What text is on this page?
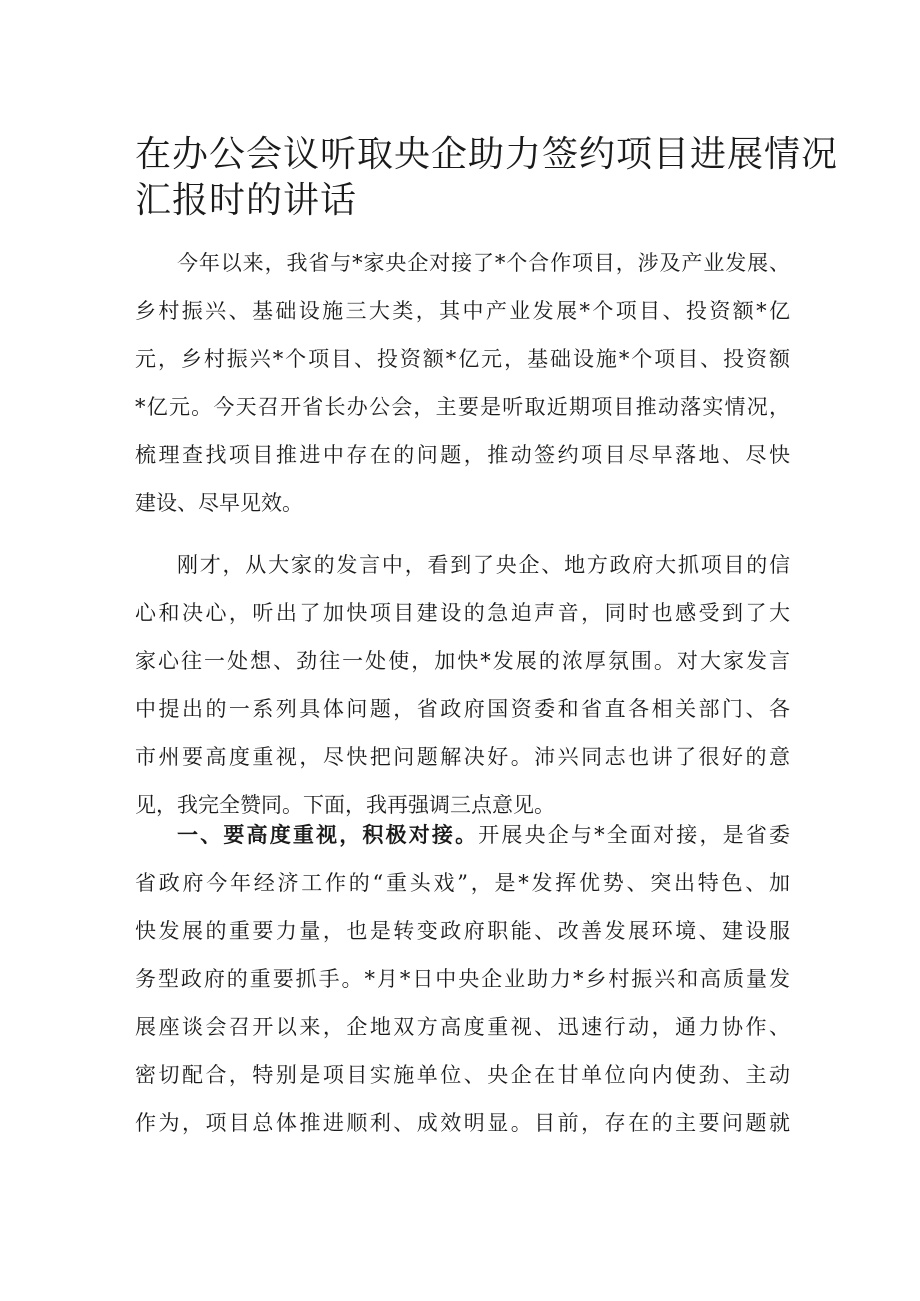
在办公会议听取央企助力签约项目进展情况
汇报时的讲话
今年以来，我省与*家央企对接了*个合作项目，涉及产业发展、
乡村振兴、基础设施三大类，其中产业发展*个项目、投资额*亿
元，乡村振兴*个项目、投资额*亿元，基础设施*个项目、投资额
*亿元。今天召开省长办公会，主要是听取近期项目推动落实情况，
梳理查找项目推进中存在的问题，推动签约项目尽早落地、尽快
建设、尽早见效。
刚才，从大家的发言中，看到了央企、地方政府大抓项目的信
心和决心，听出了加快项目建设的急迫声音，同时也感受到了大
家心往一处想、劲往一处使，加快*发展的浓厚氛围。对大家发言
中提出的一系列具体问题，省政府国资委和省直各相关部门、各
市州要高度重视，尽快把问题解决好。沛兴同志也讲了很好的意
见，我完全赞同。下面，我再强调三点意见。
一、要高度重视，积极对接。开展央企与*全面对接，是省委
省政府今年经济工作的“重头戏”，是*发挥优势、突出特色、加
快发展的重要力量，也是转变政府职能、改善发展环境、建设服
务型政府的重要抓手。*月*日中央企业助力*乡村振兴和高质量发
展座谈会召开以来，企地双方高度重视、迅速行动，通力协作、
密切配合，特别是项目实施单位、央企在甘单位向内使劲、主动
作为，项目总体推进顺利、成效明显。目前，存在的主要问题就
